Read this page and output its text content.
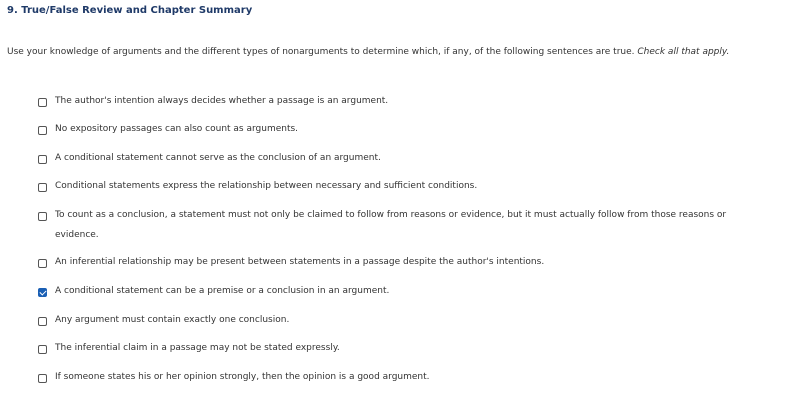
9. True/False Review and Chapter Summary
Use your knowledge of arguments and the different types of nonarguments to determine which, if any, of the following sentences are true. Check all that apply.
The author's intention always decides whether a passage is an argument.
No expository passages can also count as arguments.
A conditional statement cannot serve as the conclusion of an argument.
Conditional statements express the relationship between necessary and sufficient conditions.
To count as a conclusion, a statement must not only be claimed to follow from reasons or evidence, but it must actually follow from those reasons or evidence.
An inferential relationship may be present between statements in a passage despite the author's intentions.
A conditional statement can be a premise or a conclusion in an argument.
Any argument must contain exactly one conclusion.
The inferential claim in a passage may not be stated expressly.
If someone states his or her opinion strongly, then the opinion is a good argument.
